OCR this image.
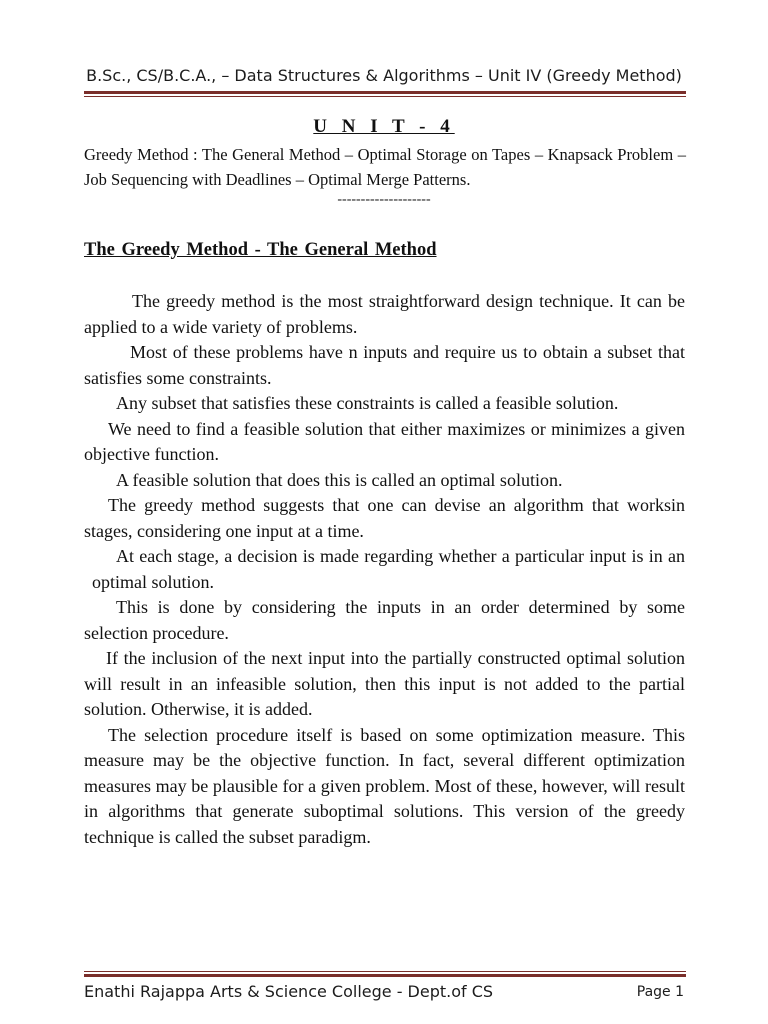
B.Sc., CS/B.C.A., – Data Structures & Algorithms – Unit IV (Greedy Method)
U N I T - 4
Greedy Method : The General Method – Optimal Storage on Tapes – Knapsack Problem – Job Sequencing with Deadlines – Optimal Merge Patterns.
--------------------
The Greedy Method - The General Method

The greedy method is the most straightforward design technique. It can be applied to a wide variety of problems.

Most of these problems have n inputs and require us to obtain a subset that satisfies some constraints.

Any subset that satisfies these constraints is called a feasible solution.

We need to find a feasible solution that either maximizes or minimizes a given objective function.

A feasible solution that does this is called an optimal solution.

The greedy method suggests that one can devise an algorithm that worksin stages, considering one input at a time.

At each stage, a decision is made regarding whether a particular input is in an optimal solution.

This is done by considering the inputs in an order determined by some selection procedure.

If the inclusion of the next input into the partially constructed optimal solution will result in an infeasible solution, then this input is not added to the partial solution. Otherwise, it is added.

The selection procedure itself is based on some optimization measure. This measure may be the objective function. In fact, several different optimization measures may be plausible for a given problem. Most of these, however, will result in algorithms that generate suboptimal solutions. This version of the greedy technique is called the subset paradigm.

Enathi Rajappa Arts & Science College - Dept.of CS	Page 1
